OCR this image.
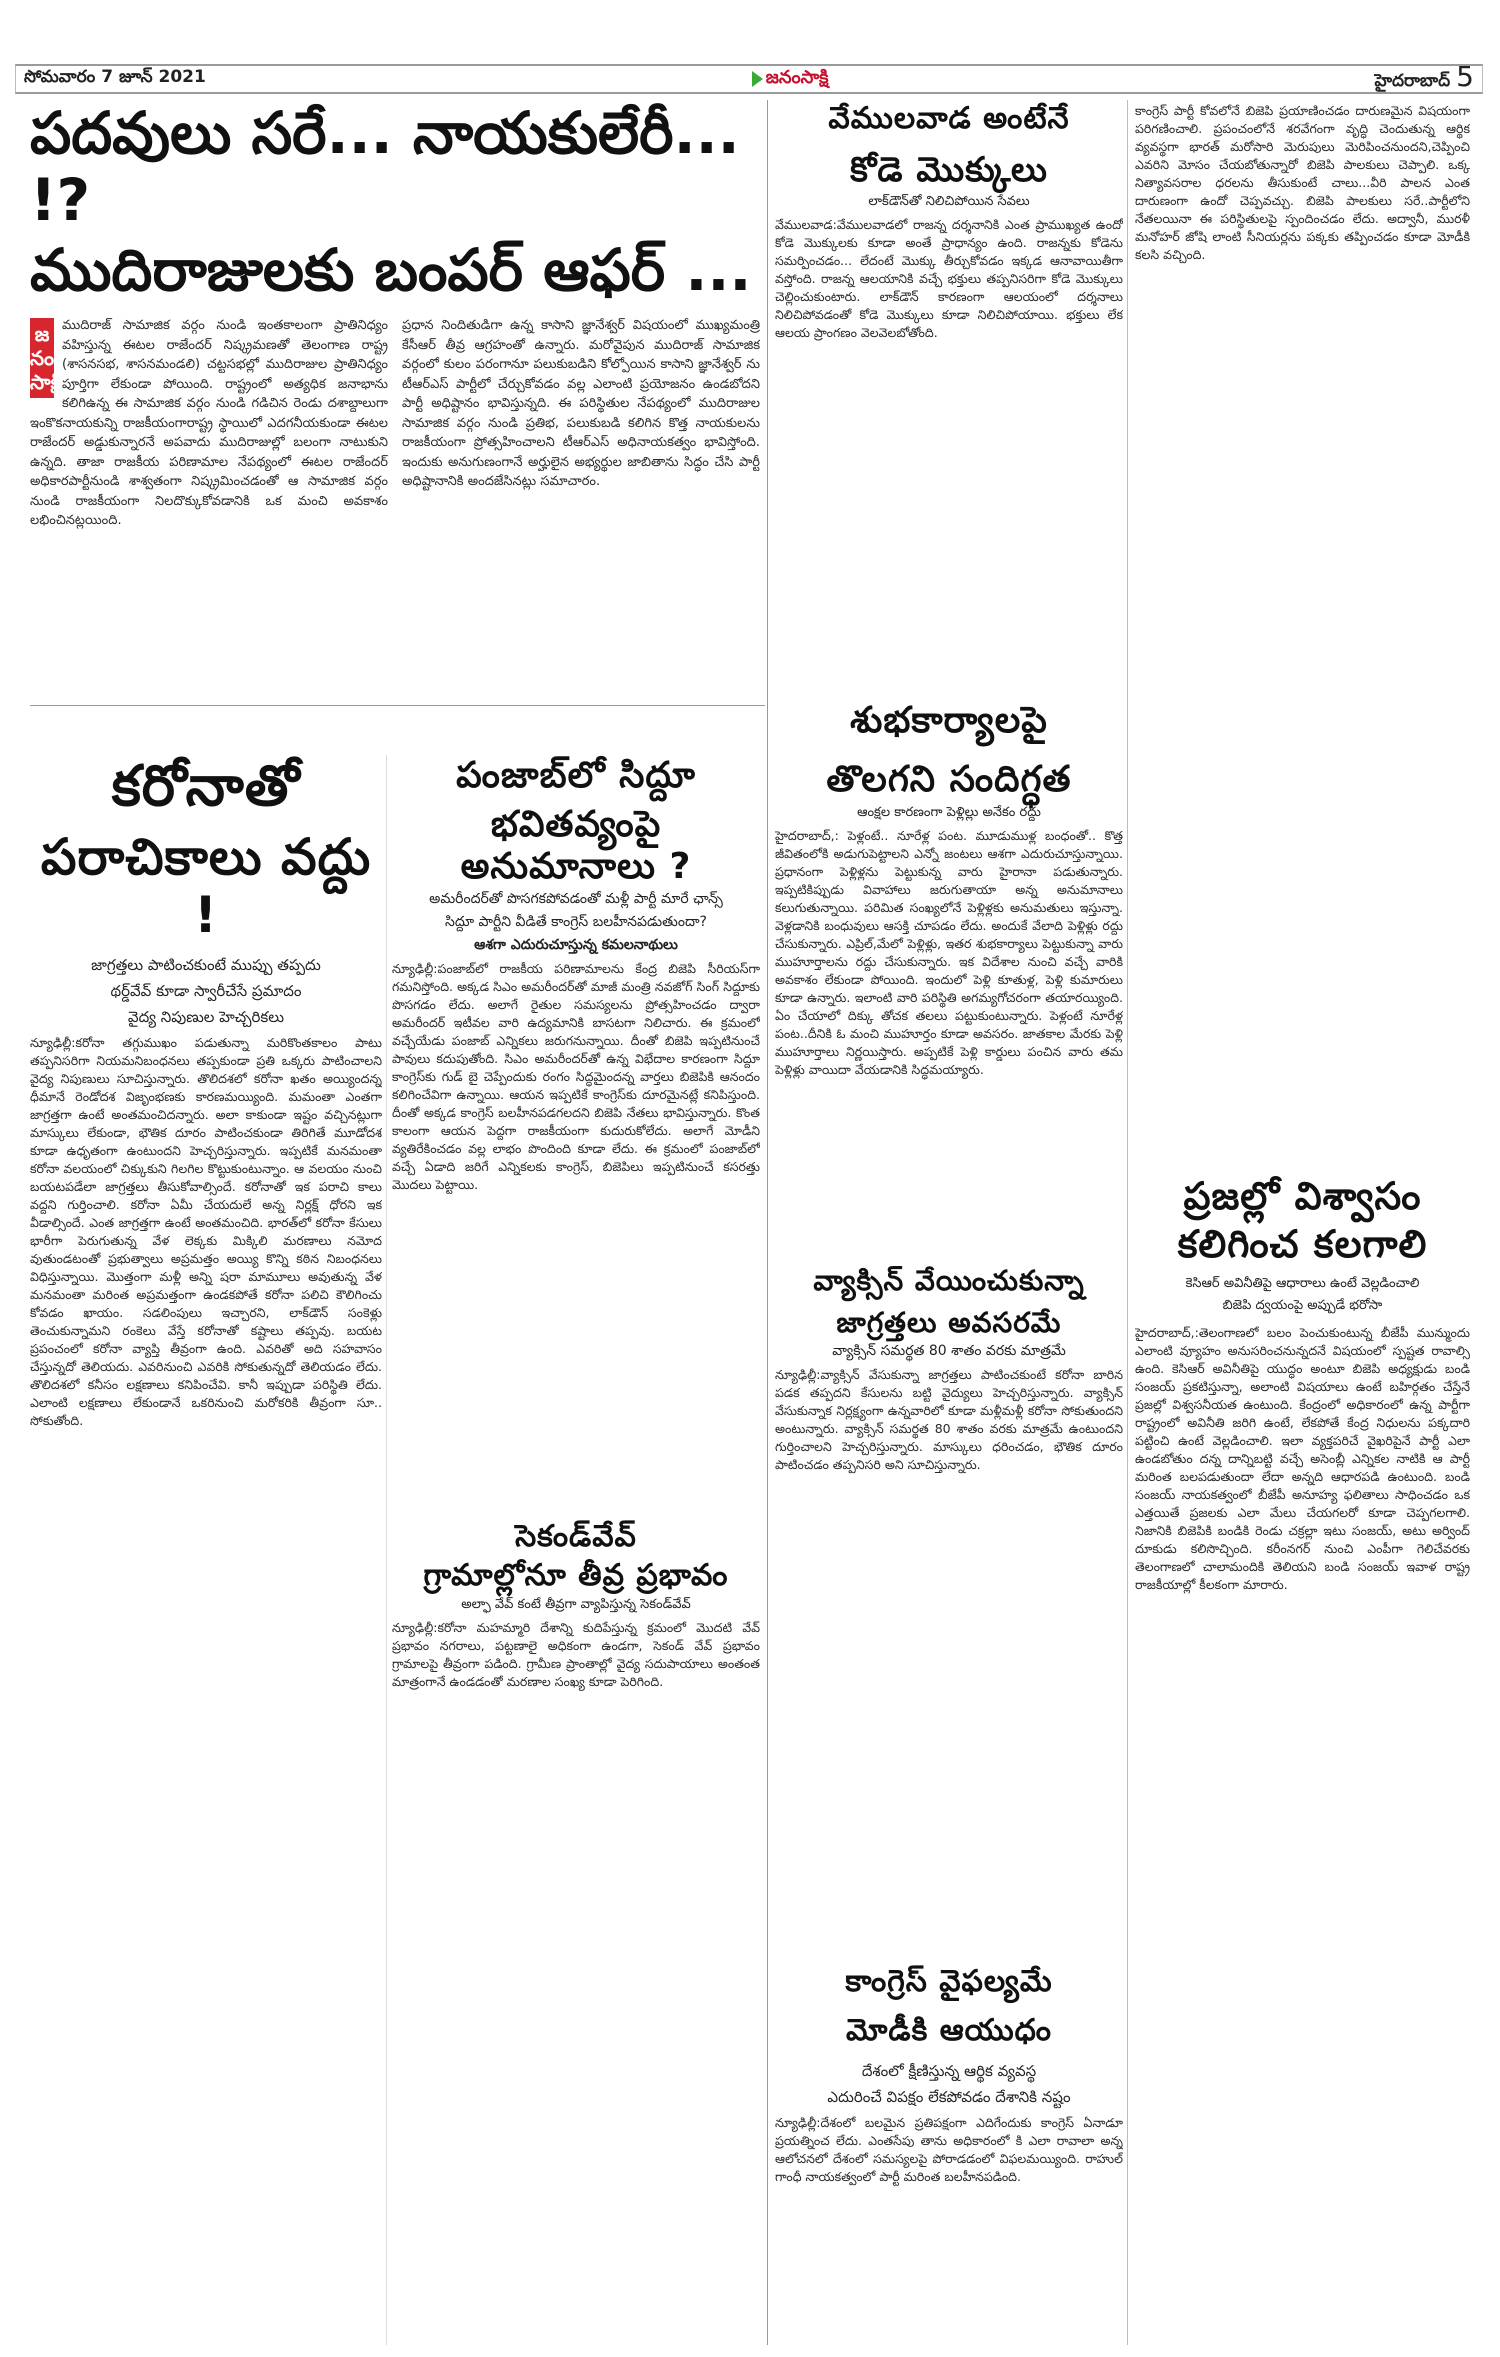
సోమవారం 7 జూన్ 2021	జనంసాక్షి	హైదరాబాద్ 5
పదవులు సరే... నాయకులేరీ... !?
ముదిరాజులకు బంపర్ ఆఫర్ ...
జనంసాక్షి

ముదిరాజ్ సామాజిక వర్గం నుండి ఇంతకాలంగా ప్రాతినిధ్యం వహిస్తున్న ఈటల రాజేందర్ నిష్క్రమణతో తెలంగాణ రాష్ట్ర (శాసనసభ, శాసనమండలి) చట్టసభల్లో ముదిరాజుల ప్రాతినిధ్యం పూర్తిగా లేకుండా పోయింది. రాష్ట్రంలో అత్యధిక జనాభాను కలిగిఉన్న ఈ సామాజిక వర్గం నుండి గడిచిన రెండు దశాబ్దాలుగా ఇంకొకనాయకున్ని రాజకీయంగారాష్ట్ర స్థాయిలో ఎదగనీయకుండా ఈటల రాజేందర్ అడ్డుకున్నారనే అపవాదు ముదిరాజుల్లో బలంగా నాటుకుని ఉన్నది. తాజా రాజకీయ పరిణామాల నేపథ్యంలో ఈటల రాజేందర్ అధికారపార్టీనుండి శాశ్వతంగా నిష్క్రమించడంతో ఆ సామాజిక వర్గం నుండి రాజకీయంగా నిలదొక్కుకోవడానికి ఒక మంచి అవకాశం లభించినట్లయింది.

ప్రధాన నిందితుడిగా ఉన్న కాసాని జ్ఞానేశ్వర్ విషయంలో ముఖ్యమంత్రి కేసీఆర్ తీవ్ర ఆగ్రహంతో ఉన్నారు. మరోవైపున ముదిరాజ్ సామాజిక వర్గంలో కులం పరంగానూ పలుకుబడిని కోల్పోయిన కాసాని జ్ఞానేశ్వర్ ను టీఆర్ఎస్ పార్టీలో చేర్చుకోవడం వల్ల ఎలాంటి ప్రయోజనం ఉండబోదని పార్టీ అధిష్టానం భావిస్తున్నది. ఈ పరిస్థితుల నేపథ్యంలో ముదిరాజుల సామాజిక వర్గం నుండి ప్రతిభ, పలుకుబడి కలిగిన కొత్త నాయకులను రాజకీయంగా ప్రోత్సహించాలని టీఆర్ఎస్ అధినాయకత్వం భావిస్తోంది. ఇందుకు అనుగుణంగానే అర్హులైన అభ్యర్థుల జాబితాను సిద్ధం చేసి పార్టీ అధిష్టానానికి అందజేసినట్లు సమాచారం.

వేములవాడ అంటేనే
కోడె మొక్కులు
లాక్‌డౌన్‌తో నిలిచిపోయిన సేవలు

వేములవాడ:వేములవాడలో రాజన్న దర్శనానికి ఎంత ప్రాముఖ్యత ఉందో కోడె మొక్కులకు కూడా అంతే ప్రాధాన్యం ఉంది. రాజన్నకు కోడెను సమర్పించడం... లేదంటే మొక్కు తీర్చుకోవడం ఇక్కడ ఆనావాయితీగా వస్తోంది. రాజన్న ఆలయానికి వచ్చే భక్తులు తప్పనిసరిగా కోడె మొక్కులు చెల్లించుకుంటారు. లాక్‌డౌన్ కారణంగా ఆలయంలో దర్శనాలు నిలిచిపోవడంతో కోడె మొక్కులు కూడా నిలిచిపోయాయి. భక్తులు లేక ఆలయ ప్రాంగణం వెలవెలబోతోంది.

శుభకార్యాలపై
తొలగని సందిగ్ధత
ఆంక్షల కారణంగా పెళ్లిల్లు అనేకం రద్దు

హైదరాబాద్,: పెళ్లంటే.. నూరేళ్ల పంట. మూడుముళ్ల బంధంతో.. కొత్త జీవితంలోకి అడుగుపెట్టాలని ఎన్నో జంటలు ఆశగా ఎదురుచూస్తున్నాయి. ప్రధానంగా పెళ్లిళ్లను పెట్టుకున్న వారు హైరానా పడుతున్నారు. ఇప్పటికిప్పుడు వివాహాలు జరుగుతాయా అన్న అనుమానాలు కలుగుతున్నాయి. పరిమిత సంఖ్యలోనే పెళ్లిళ్లకు అనుమతులు ఇస్తున్నా. వెళ్లడానికి బంధువులు ఆసక్తి చూపడం లేదు. అందుకే వేలాది పెళ్లిళ్లు రద్దు చేసుకున్నారు. ఎప్రిల్,మేలో పెళ్లిళ్లు, ఇతర శుభకార్యాలు పెట్టుకున్నా వారు ముహూర్తాలను రద్దు చేసుకున్నారు. ఇక విదేశాల నుంచి వచ్చే వారికి అవకాశం లేకుండా పోయింది. ఇందులో పెళ్లి కూతుళ్ల, పెళ్లి కుమారులు కూడా ఉన్నారు. ఇలాంటి వారి పరిస్థితి అగమ్యగోచరంగా తయారయ్యింది. ఏం చేయాలో దిక్కు తోచక తలలు పట్టుకుంటున్నారు. పెళ్లంటే నూరేళ్ల పంట..దీనికి ఓ మంచి ముహూర్తం కూడా అవసరం. జాతకాల మేరకు పెళ్లి ముహూర్తాలు నిర్ణయిస్తారు. అప్పటికే పెళ్లి కార్డులు పంచిన వారు తమ పెళ్లిళ్లు వాయిదా వేయడానికి సిద్ధమయ్యారు.

వ్యాక్సిన్ వేయించుకున్నా
జాగ్రత్తలు అవసరమే
వ్యాక్సిన్ సమర్థత 80 శాతం వరకు మాత్రమే

న్యూఢిల్లీ:వ్యాక్సిన్ వేసుకున్నా జాగ్రత్తలు పాటించకుంటే కరోనా బారిన పడక తప్పదని కేసులను బట్టి వైద్యులు హెచ్చరిస్తున్నారు. వ్యాక్సిన్ వేసుకున్నాక నిర్లక్ష్యంగా ఉన్నవారిలో కూడా మళ్లీమళ్లీ కరోనా సోకుతుందని అంటున్నారు. వ్యాక్సిన్ సమర్థత 80 శాతం వరకు మాత్రమే ఉంటుందని గుర్తించాలని హెచ్చరిస్తున్నారు. మాస్కులు ధరించడం, భౌతిక దూరం పాటించడం తప్పనిసరి అని సూచిస్తున్నారు.

కాంగ్రెస్ వైఫల్యమే
మోడీకి ఆయుధం
దేశంలో క్షీణిస్తున్న ఆర్థిక వ్యవస్థ
ఎదురించే విపక్షం లేకపోవడం దేశానికి నష్టం

న్యూఢిల్లీ:దేశంలో బలమైన ప్రతిపక్షంగా ఎదిగేందుకు కాంగ్రెస్ ఏనాడూ ప్రయత్నించ లేదు. ఎంతసేపు తాను అధికారంలో కి ఎలా రావాలా అన్న ఆలోచనలో దేశంలో సమస్యలపై పోరాడడంలో విఫలమయ్యింది. రాహుల్ గాంధీ నాయకత్వంలో పార్టీ మరింత బలహీనపడింది.

కాంగ్రెస్ పార్టీ కోవలోనే బిజెపి ప్రయాణించడం దారుణమైన విషయంగా పరిగణించాలి. ప్రపంచంలోనే శరవేగంగా వృద్ధి చెందుతున్న ఆర్థిక వ్యవస్థగా భారత్ మరోసారి మెరుపులు మెరిపించనుందని,చెప్పించి ఎవరిని మోసం చేయబోతున్నారో బిజెపి పాలకులు చెప్పాలి. ఒక్క నిత్యావసరాల ధరలను తీసుకుంటే చాలు...వీరి పాలన ఎంత దారుణంగా ఉందో చెప్పవచ్చు. బిజెపి పాలకులు సరే..పార్టీలోని నేతలయినా ఈ పరిస్థితులపై స్పందించడం లేదు. అద్వానీ, మురళీ మనోహర్ జోషి లాంటి సీనియర్లను పక్కకు తప్పించడం కూడా మోడీకి కలసి వచ్చింది.

ప్రజల్లో విశ్వాసం
కలిగించ కలగాలి
కెసిఆర్ అవినీతిపై ఆధారాలు ఉంటే వెల్లడించాలి
బిజెపి ద్వయంపై అప్పుడే భరోసా

హైదరాబాద్,:తెలంగాణలో బలం పెంచుకుంటున్న బీజేపీ మున్ముందు ఎలాంటి వ్యూహం అనుసరించనున్నదనే విషయంలో స్పష్టత రావాల్సి ఉంది. కెసిఆర్ అవినీతిపై యుద్ధం అంటూ బిజెపి అధ్యక్షుడు బండి సంజయ్ ప్రకటిస్తున్నా, అలాంటి విషయాలు ఉంటే బహిర్గతం చేస్తేనే ప్రజల్లో విశ్వసనీయత ఉంటుంది. కేంద్రంలో అధికారంలో ఉన్న పార్టీగా రాష్ట్రంలో అవినీతి జరిగి ఉంటే, లేకపోతే కేంద్ర నిధులను పక్కదారి పట్టించి ఉంటే వెల్లడించాలి. ఇలా వ్యక్తపరిచే వైఖరిపైనే పార్టీ ఎలా ఉండబోతుం దన్న దాన్నిబట్టి వచ్చే అసెంబ్లీ ఎన్నికల నాటికి ఆ పార్టీ మరింత బలపడుతుందా లేదా అన్నది ఆధారపడి ఉంటుంది. బండి సంజయ్ నాయకత్వంలో బీజేపీ అనూహ్య ఫలితాలు సాధించడం ఒక ఎత్తయితే ప్రజలకు ఎలా మేలు చేయగలరో కూడా చెప్పగలగాలి. నిజానికి బిజెపికి బండికి రెండు చక్రల్లా ఇటు సంజయ్, అటు అర్వింద్ దూకుడు కలిసొచ్చింది. కరీంనగర్ నుంచి ఎంపీగా గెలిచేవరకు తెలంగాణలో చాలామందికి తెలియని బండి సంజయ్ ఇవాళ రాష్ట్ర రాజకీయాల్లో కీలకంగా మారారు.

కరోనాతో
పరాచికాలు వద్దు !
జాగ్రత్తలు పాటించకుంటే ముప్పు తప్పదు
థర్డ్‌వేవ్ కూడా స్వారీచేసే ప్రమాదం
వైద్య నిపుణుల హెచ్చరికలు

న్యూఢిల్లీ:కరోనా తగ్గుముఖం పడుతున్నా మరికొంతకాలం పాటు తప్పనిసరిగా నియమనిబంధనలు తప్పకుండా ప్రతి ఒక్కరు పాటించాలని వైద్య నిపుణులు సూచిస్తున్నారు. తొలిదశలో కరోనా ఖతం అయ్యిందన్న ధీమానే రెండోదశ విజృంభణకు కారణమయ్యింది. మమంతా ఎంతగా జాగ్రత్తగా ఉంటే అంతమంచిదన్నారు. అలా కాకుండా ఇష్టం వచ్చినట్లుగా మాస్కులు లేకుండా, భౌతిక దూరం పాటించకుండా తిరిగితే మూడోదశ కూడా ఉధృతంగా ఉంటుందని హెచ్చరిస్తున్నారు. ఇప్పటికే మనమంతా కరోనా వలయంలో చిక్కుకుని గిలగిల కొట్టుకుంటున్నాం. ఆ వలయం నుంచి బయటపడేలా జాగ్రత్తలు తీసుకోవాల్సిందే. కరోనాతో ఇక పరాచి కాలు వద్దని గుర్తించాలి. కరోనా ఏమీ చేయదులే అన్న నిర్లక్ష్ ధోరని ఇక వీడాల్సిందే. ఎంత జాగ్రత్తగా ఉంటే అంతమంచిది. భారత్‌లో కరోనా కేసులు భారీగా పెరుగుతున్న వేళ లెక్కకు మిక్కిలి మరణాలు నమోద వుతుండటంతో ప్రభుత్వాలు అప్రమత్తం అయ్యి కొన్ని కఠిన నిబంధనలు విధిస్తున్నాయి. మొత్తంగా మళ్లీ అన్ని షరా మామూలు అవుతున్న వేళ మనమంతా మరింత అప్రమత్తంగా ఉండకపోతే కరోనా పలిచి కౌలిగించు కోవడం ఖాయం. సడలింపులు ఇచ్చారని, లాక్‌డౌన్ సంకెళ్లు తెంచుకున్నామని రంకెలు వేస్తే కరోనాతో కష్టాలు తప్పవు. బయట ప్రపంచంలో కరోనా వ్యాప్తి తీవ్రంగా ఉంది. ఎవరితో అది సహవాసం చేస్తున్నదో తెలియదు. ఎవరినుంచి ఎవరికి సోకుతున్నదో తెలియడం లేదు. తొలిదశలో కనీసం లక్షణాలు కనిపించేవి. కానీ ఇప్పుడా పరిస్థితి లేదు. ఎలాంటి లక్షణాలు లేకుండానే ఒకరినుంచి మరోకరికి తీవ్రంగా సూ.. సోకుతోంది.

పంజాబ్‌లో సిద్దూ
భవితవ్యంపై అనుమానాలు ?
అమరీందర్‌తో పొసగకపోవడంతో మళ్లీ పార్టీ మారే ఛాన్స్
సిద్దూ పార్టీని వీడితే కాంగ్రెస్ బలహీనపడుతుందా?
ఆశగా ఎదురుచూస్తున్న కమలనాథులు

న్యూఢిల్లీ:పంజాబ్‌లో రాజకీయ పరిణామాలను కేంద్ర బిజెపి సీరియస్‌గా గమనిస్తోంది. అక్కడ సిఎం అమరీందర్‌తో మాజీ మంత్రి నవజోగ్ సింగ్ సిద్దూకు పొసగడం లేదు. అలాగే రైతుల సమస్యలను ప్రోత్సహించడం ద్వారా అమరీందర్ ఇటీవల వారి ఉద్యమానికి బాసటగా నిలిచారు. ఈ క్రమంలో వచ్చేయేడు పంజాబ్ ఎన్నికలు జరుగనున్నాయి. దీంతో బిజెపి ఇప్పటినుంచే పావులు కదుపుతోంది. సిఎం అమరీందర్‌తో ఉన్న విభేదాల కారణంగా సిద్దూ కాంగ్రెస్‌కు గుడ్ బై చెప్పేందుకు రంగం సిద్ధమైందన్న వార్తలు బిజెపికి ఆనందం కలిగించేవిగా ఉన్నాయి. ఆయన ఇప్పటికే కాంగ్రెస్‌కు దూరమైనట్లే కనిపిస్తుంది. దీంతో అక్కడ కాంగ్రెస్ బలహీనపడగలదని బిజెపి నేతలు భావిస్తున్నారు. కొంత కాలంగా ఆయన పెద్దగా రాజకీయంగా కుదురుకోలేదు. అలాగే మోడీని వ్యతిరేకించడం వల్ల లాభం పొందింది కూడా లేదు. ఈ క్రమంలో పంజాబ్‌లో వచ్చే ఏడాది జరిగే ఎన్నికలకు కాంగ్రెస్, బిజెపిలు ఇప్పటినుంచే కసరత్తు మొదలు పెట్టాయి.

సెకండ్‌వేవ్
గ్రామాల్లోనూ తీవ్ర ప్రభావం
అల్ఫా వేవ్ కంటే తీవ్రగా వ్యాపిస్తున్న సెకండ్‌వేవ్

న్యూఢిల్లీ:కరోనా మహమ్మారి దేశాన్ని కుదిపేస్తున్న క్రమంలో మొదటి వేవ్ ప్రభావం నగరాలు, పట్టణాలై అధికంగా ఉండగా, సెకండ్ వేవ్ ప్రభావం గ్రామాలపై తీవ్రంగా పడింది. గ్రామీణ ప్రాంతాల్లో వైద్య సదుపాయాలు అంతంత మాత్రంగానే ఉండడంతో మరణాల సంఖ్య కూడా పెరిగింది.
